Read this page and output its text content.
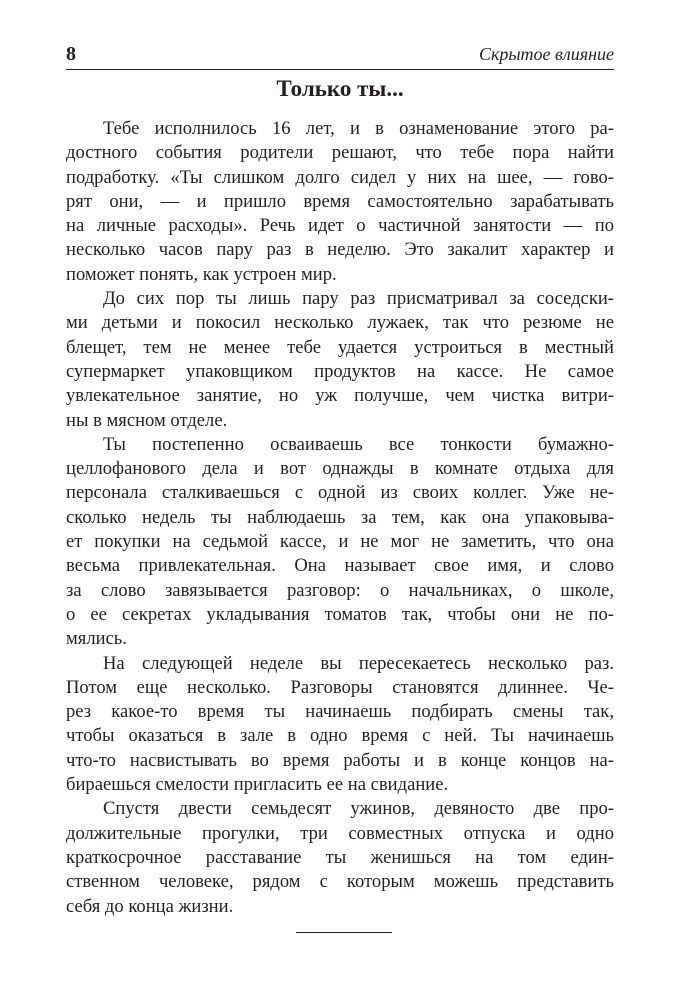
8	Скрытое влияние
Только ты...
Тебе исполнилось 16 лет, и в ознаменование этого ра-
достного события родители решают, что тебе пора найти
подработку. «Ты слишком долго сидел у них на шее, — гово-
рят они, — и пришло время самостоятельно зарабатывать
на личные расходы». Речь идет о частичной занятости — по
несколько часов пару раз в неделю. Это закалит характер и
поможет понять, как устроен мир.
До сих пор ты лишь пару раз присматривал за соседски-
ми детьми и покосил несколько лужаек, так что резюме не
блещет, тем не менее тебе удается устроиться в местный
супермаркет упаковщиком продуктов на кассе. Не самое
увлекательное занятие, но уж получше, чем чистка витри-
ны в мясном отделе.
Ты постепенно осваиваешь все тонкости бумажно-
целлофанового дела и вот однажды в комнате отдыха для
персонала сталкиваешься с одной из своих коллег. Уже не-
сколько недель ты наблюдаешь за тем, как она упаковыва-
ет покупки на седьмой кассе, и не мог не заметить, что она
весьма привлекательная. Она называет свое имя, и слово
за слово завязывается разговор: о начальниках, о школе,
о ее секретах укладывания томатов так, чтобы они не по-
мялись.
На следующей неделе вы пересекаетесь несколько раз.
Потом еще несколько. Разговоры становятся длиннее. Че-
рез какое-то время ты начинаешь подбирать смены так,
чтобы оказаться в зале в одно время с ней. Ты начинаешь
что-то насвистывать во время работы и в конце концов на-
бираешься смелости пригласить ее на свидание.
Спустя двести семьдесят ужинов, девяносто две про-
должительные прогулки, три совместных отпуска и одно
краткосрочное расставание ты женишься на том един-
ственном человеке, рядом с которым можешь представить
себя до конца жизни.
